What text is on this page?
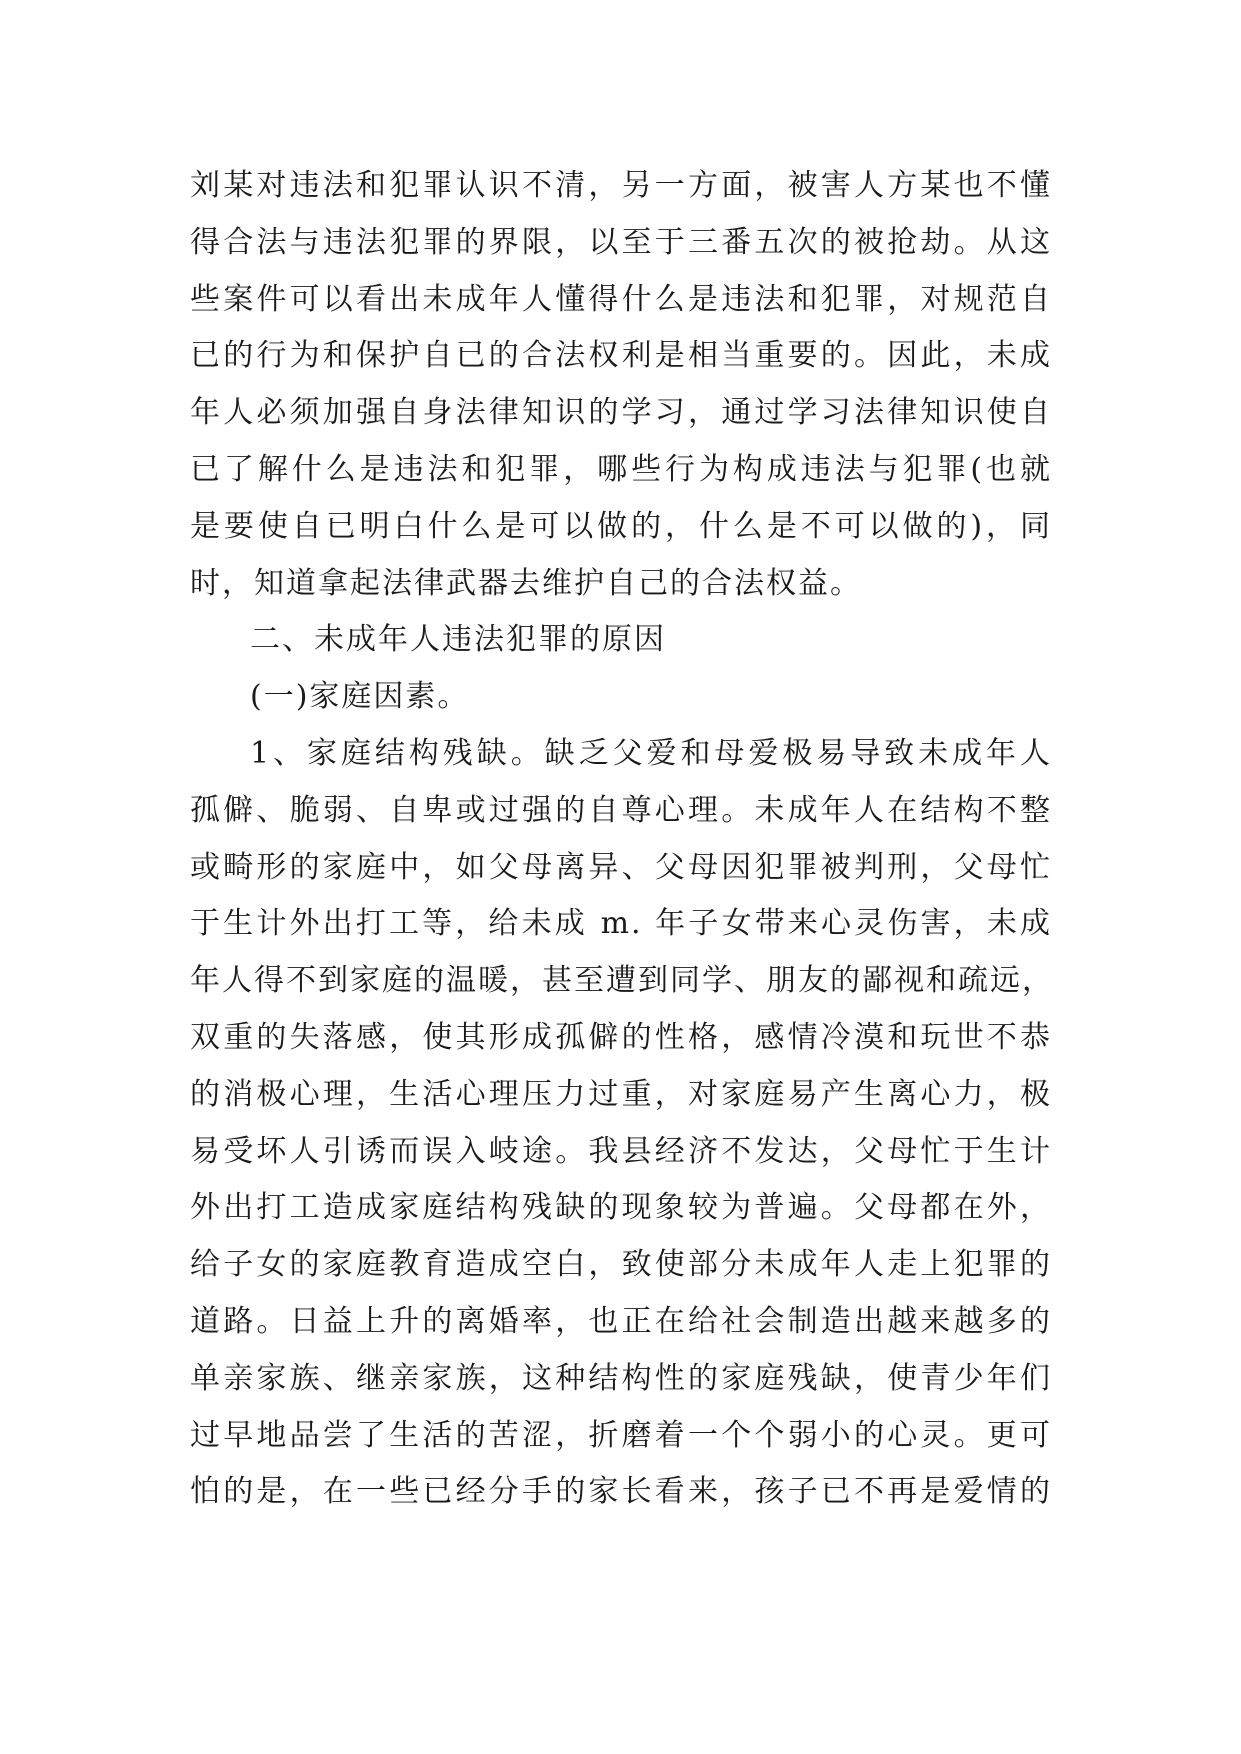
刘某对违法和犯罪认识不清，另一方面，被害人方某也不懂
得合法与违法犯罪的界限，以至于三番五次的被抢劫。从这
些案件可以看出未成年人懂得什么是违法和犯罪，对规范自
已的行为和保护自已的合法权利是相当重要的。因此，未成
年人必须加强自身法律知识的学习，通过学习法律知识使自
已了解什么是违法和犯罪，哪些行为构成违法与犯罪(也就
是要使自已明白什么是可以做的，什么是不可以做的)，同
时，知道拿起法律武器去维护自己的合法权益。
二、未成年人违法犯罪的原因
(一)家庭因素。
1、家庭结构残缺。缺乏父爱和母爱极易导致未成年人
孤僻、脆弱、自卑或过强的自尊心理。未成年人在结构不整
或畸形的家庭中，如父母离异、父母因犯罪被判刑，父母忙
于生计外出打工等，给未成 m. 年子女带来心灵伤害，未成
年人得不到家庭的温暖，甚至遭到同学、朋友的鄙视和疏远，
双重的失落感，使其形成孤僻的性格，感情冷漠和玩世不恭
的消极心理，生活心理压力过重，对家庭易产生离心力，极
易受坏人引诱而误入岐途。我县经济不发达，父母忙于生计
外出打工造成家庭结构残缺的现象较为普遍。父母都在外，
给子女的家庭教育造成空白，致使部分未成年人走上犯罪的
道路。日益上升的离婚率，也正在给社会制造出越来越多的
单亲家族、继亲家族，这种结构性的家庭残缺，使青少年们
过早地品尝了生活的苦涩，折磨着一个个弱小的心灵。更可
怕的是，在一些已经分手的家长看来，孩子已不再是爱情的
